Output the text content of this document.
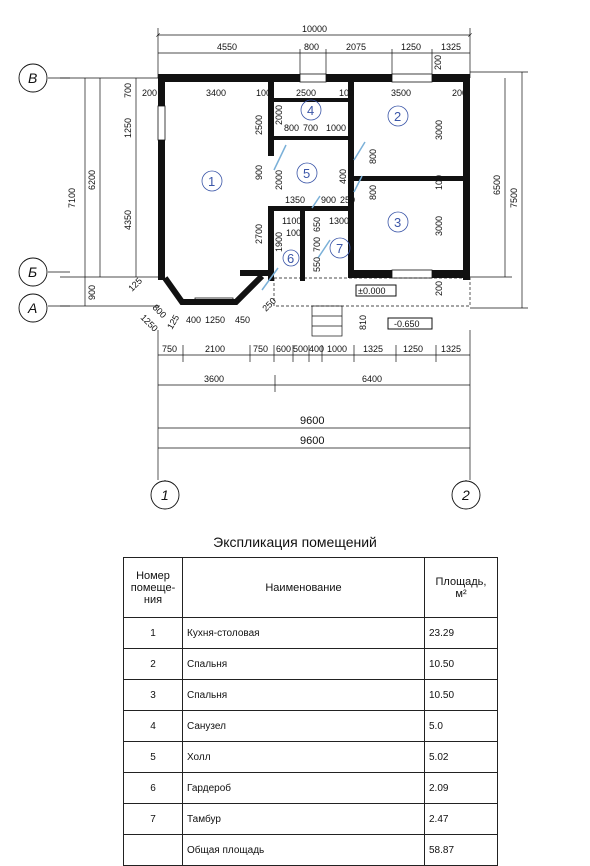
1
2
3
4
5
6
7
10000
4550	800	2075	1250 1325
200
200	3400	100	2500	100	3500	200
800 700 1000
1350 900 250
1100	1300
100
2500 2000
900 2000
2700 1900
650
700
550
3000
3000
800
800
400	100
7100
6200
900
700
1250
4350
6500
7500
200
400 1250 450
125
250
1250
800
125	±0.000
-0.650
810
750	2100	750 600 500 400 1000 1325 1250 1325
3600	6400
9600
9600
В
Б
А
1	2
Экспликация помещений
Номер помеще-ния	Наименование	Площадь, м²
1	Кухня-столовая	23.29
2	Спальня	10.50
3	Спальня	10.50
4	Санузел	5.0
5	Холл	5.02
6	Гардероб	2.09
7	Тамбур	2.47
	Общая площадь	58.87
